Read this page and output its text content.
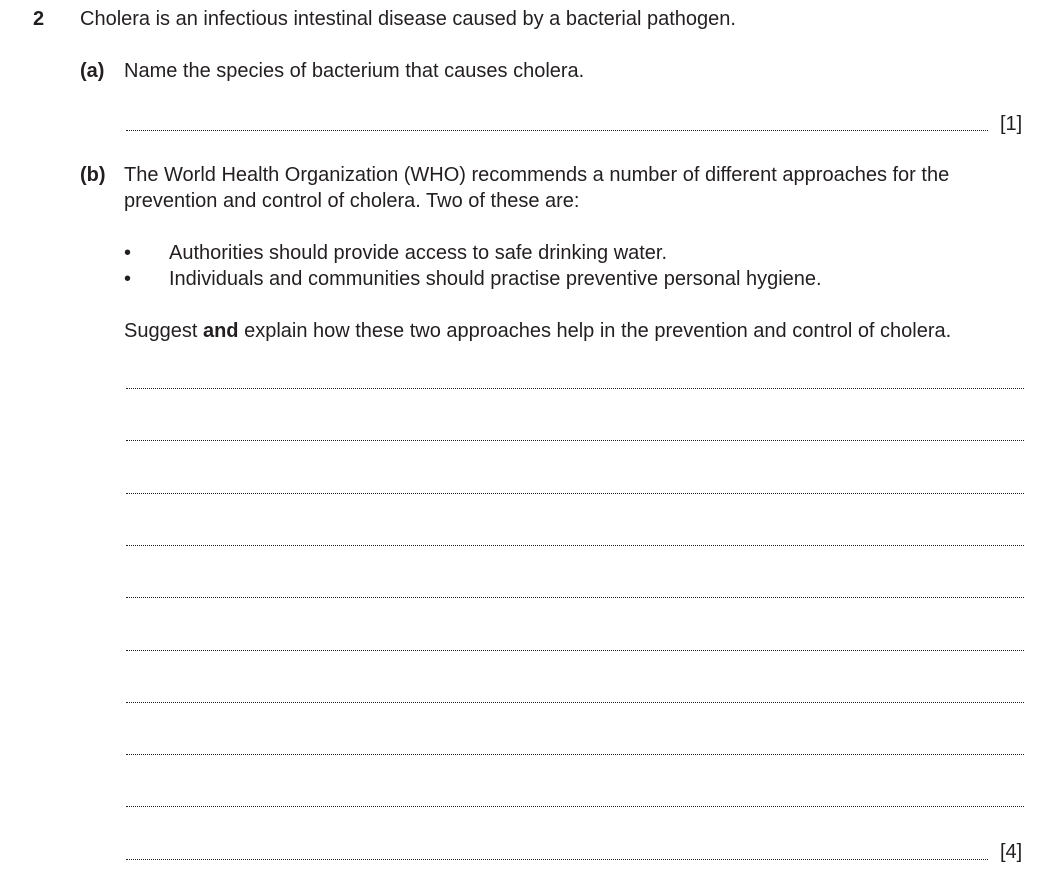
2 Cholera is an infectious intestinal disease caused by a bacterial pathogen.
(a) Name the species of bacterium that causes cholera.
[1]
(b) The World Health Organization (WHO) recommends a number of different approaches for the
prevention and control of cholera. Two of these are:
• Authorities should provide access to safe drinking water.
• Individuals and communities should practise preventive personal hygiene.
Suggest and explain how these two approaches help in the prevention and control of cholera.
[4]
